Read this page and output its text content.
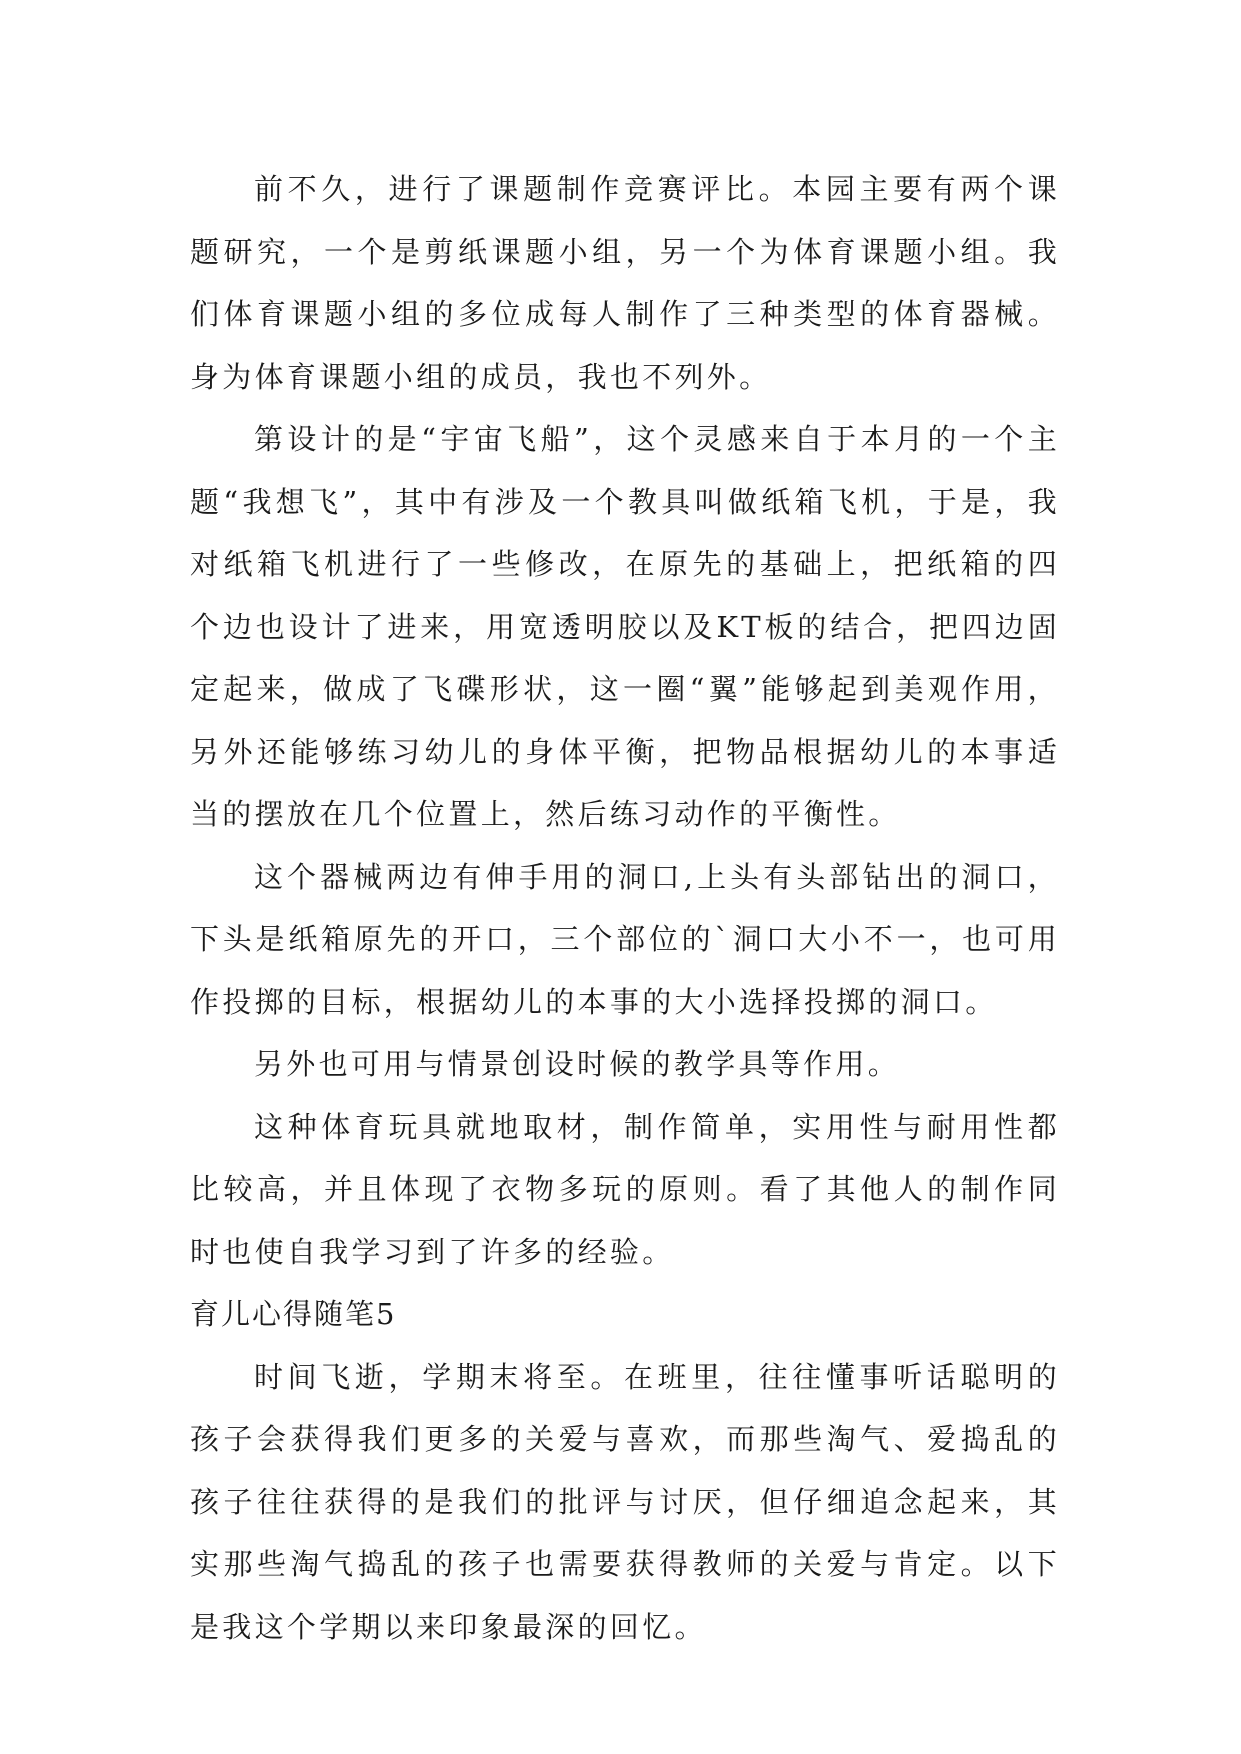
前不久，进行了课题制作竞赛评比。本园主要有两个课题研究，一个是剪纸课题小组，另一个为体育课题小组。我们体育课题小组的多位成每人制作了三种类型的体育器械。身为体育课题小组的成员，我也不列外。

第设计的是“宇宙飞船”，这个灵感来自于本月的一个主题“我想飞”，其中有涉及一个教具叫做纸箱飞机，于是，我对纸箱飞机进行了一些修改，在原先的基础上，把纸箱的四个边也设计了进来，用宽透明胶以及KT板的结合，把四边固定起来，做成了飞碟形状，这一圈“翼”能够起到美观作用，另外还能够练习幼儿的身体平衡，把物品根据幼儿的本事适当的摆放在几个位置上，然后练习动作的平衡性。

这个器械两边有伸手用的洞口,上头有头部钻出的洞口，下头是纸箱原先的开口，三个部位的`洞口大小不一，也可用作投掷的目标，根据幼儿的本事的大小选择投掷的洞口。

另外也可用与情景创设时候的教学具等作用。

这种体育玩具就地取材，制作简单，实用性与耐用性都比较高，并且体现了衣物多玩的原则。看了其他人的制作同时也使自我学习到了许多的经验。

育儿心得随笔5

时间飞逝，学期末将至。在班里，往往懂事听话聪明的孩子会获得我们更多的关爱与喜欢，而那些淘气、爱捣乱的孩子往往获得的是我们的批评与讨厌，但仔细追念起来，其实那些淘气捣乱的孩子也需要获得教师的关爱与肯定。以下是我这个学期以来印象最深的回忆。
